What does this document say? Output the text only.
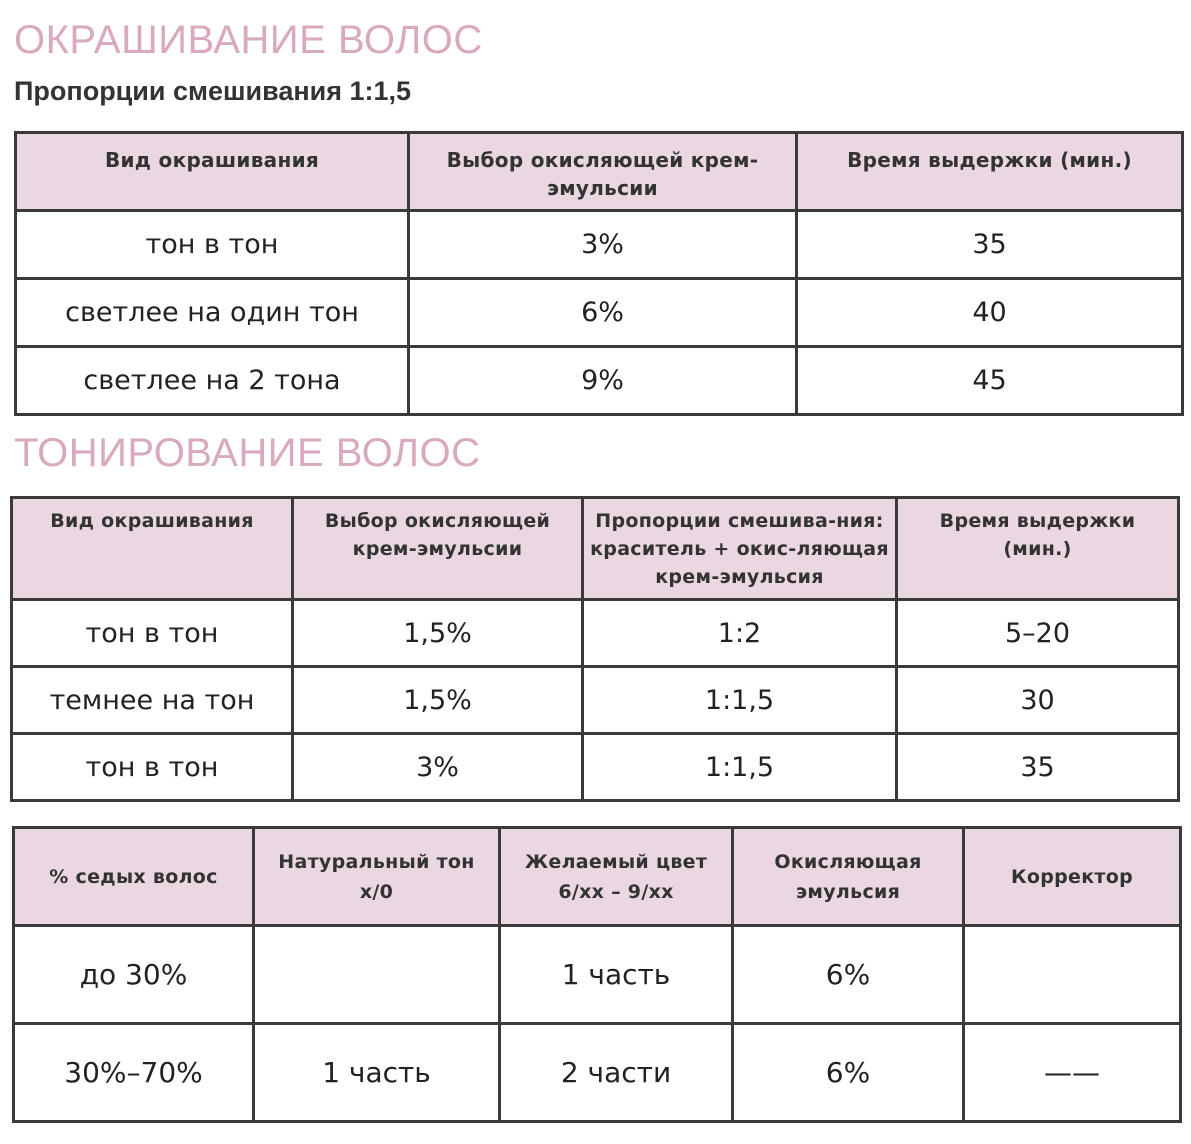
ОКРАШИВАНИЕ ВОЛОС
Пропорции смешивания 1:1,5
Вид окрашивания	Выбор окисляющей крем-эмульсии	Время выдержки (мин.)
тон в тон	3%	35
светлее на один тон	6%	40
светлее на 2 тона	9%	45
ТОНИРОВАНИЕ ВОЛОС
Вид окрашивания	Выбор окисляющей крем-эмульсии	Пропорции смешива-ния: краситель + окис-ляющая крем-эмульсия	Время выдержки (мин.)
тон в тон	1,5%	1:2	5–20
темнее на тон	1,5%	1:1,5	30
тон в тон	3%	1:1,5	35
% седых волос	Натуральный тон x/0	Желаемый цвет 6/xx – 9/xx	Окисляющая эмульсия	Корректор
до 30%		1 часть	6%	
30%–70%	1 часть	2 части	6%	——
